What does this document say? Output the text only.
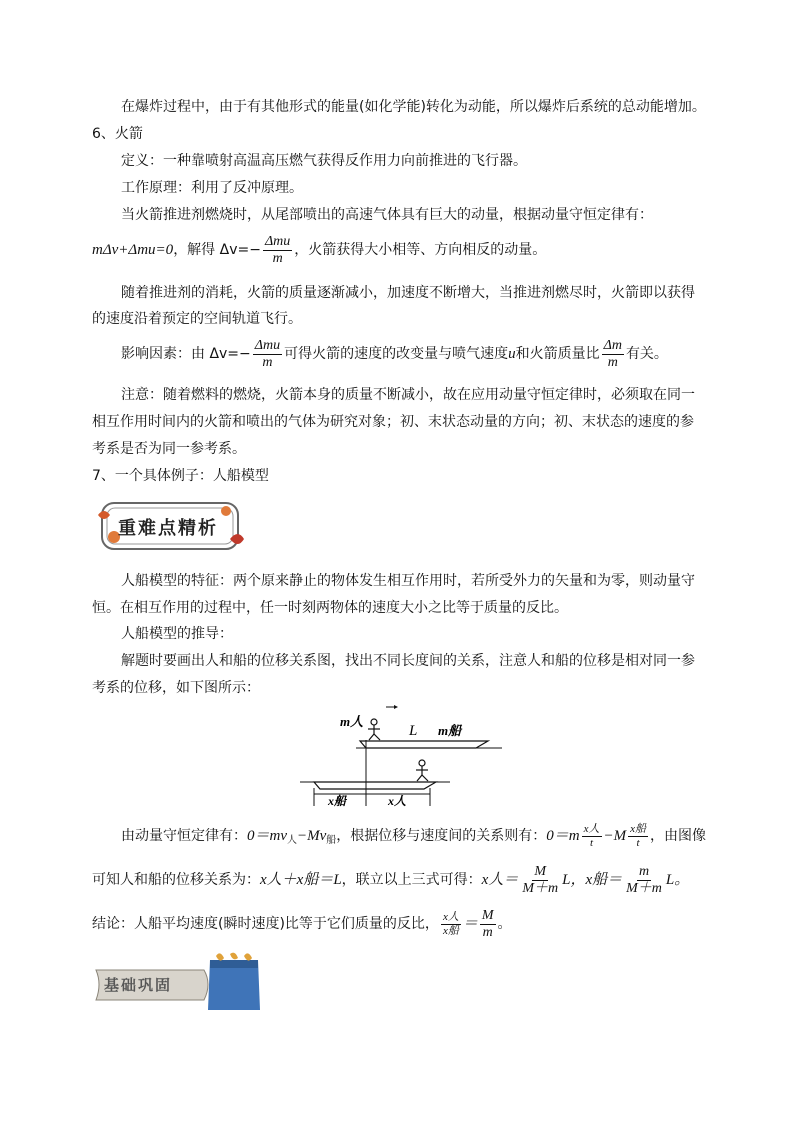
在爆炸过程中，由于有其他形式的能量(如化学能)转化为动能，所以爆炸后系统的总动能增加。
6、火箭
定义：一种靠喷射高温高压燃气获得反作用力向前推进的飞行器。
工作原理：利用了反冲原理。
当火箭推进剂燃烧时，从尾部喷出的高速气体具有巨大的动量，根据动量守恒定律有：
mΔv+Δmu=0，解得 $\Delta v=- \frac{\text{Δmu}}{m}$ ，火箭获得大小相等、方向相反的动量。
随着推进剂的消耗，火箭的质量逐渐减小，加速度不断增大，当推进剂燃尽时，火箭即以获得
的速度沿着预定的空间轨道飞行。
影响因素：由 $\Delta v=- \frac{\text{Δmu}}{m}$ 可得火箭的速度的改变量与喷气速度u和火箭质量比 $\frac{\Delta m}{m}$ 有关。
注意：随着燃料的燃烧，火箭本身的质量不断减小，故在应用动量守恒定律时，必须取在同一
相互作用时间内的火箭和喷出的气体为研究对象；初、末状态动量的方向；初、末状态的速度的参
考系是否为同一参考系。
7、一个具体例子：人船模型
重难点精析
人船模型的特征：两个原来静止的物体发生相互作用时，若所受外力的矢量和为零，则动量守
恒。在相互作用的过程中，任一时刻两物体的速度大小之比等于质量的反比。
人船模型的推导：
解题时要画出人和船的位移关系图，找出不同长度间的关系，注意人和船的位移是相对同一参
考系的位移，如下图所示：
m人
L m船
x船	x人
由动量守恒定律有：$0=mv_人-Mv_船$，根据位移与速度间的关系则有：$0=m \frac{\text{x人}}{t} -M \frac{\text{x船}}{t}$ ，由图像
可知人和船的位移关系为：x人＋x船＝L，联立以上三式可得：x人＝ $\frac{M}{M+m}$ L，x船＝ $\frac{m}{M+m}$ L。
结论：人船平均速度(瞬时速度)比等于它们质量的反比， $\frac{\text{x人}}{\text{x船}} = \frac{M}{m}$ 。
基础巩固
